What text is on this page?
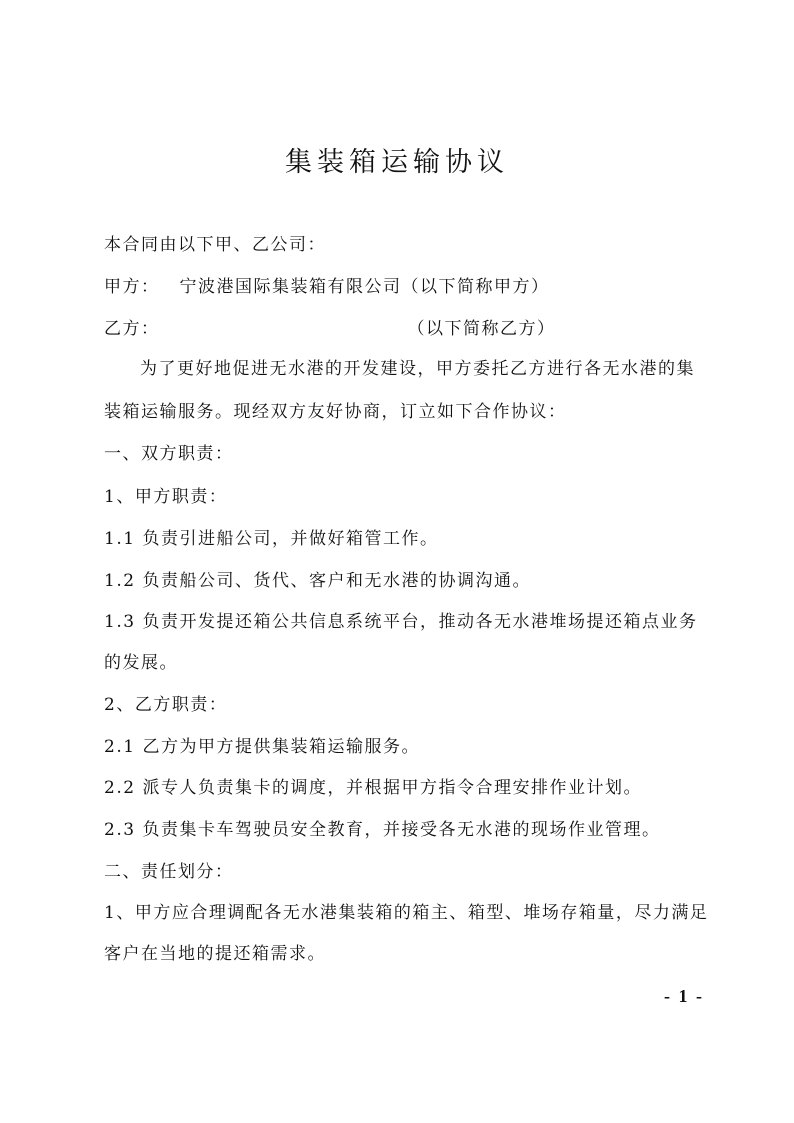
集装箱运输协议

本合同由以下甲、乙公司：

甲方： 宁波港国际集装箱有限公司（以下简称甲方）

乙方：	（以下简称乙方）

为了更好地促进无水港的开发建设，甲方委托乙方进行各无水港的集

装箱运输服务。现经双方友好协商，订立如下合作协议：

一、双方职责：

1、甲方职责：

1.1 负责引进船公司，并做好箱管工作。

1.2 负责船公司、货代、客户和无水港的协调沟通。

1.3 负责开发提还箱公共信息系统平台，推动各无水港堆场提还箱点业务

的发展。

2、乙方职责：

2.1 乙方为甲方提供集装箱运输服务。

2.2 派专人负责集卡的调度，并根据甲方指令合理安排作业计划。

2.3 负责集卡车驾驶员安全教育，并接受各无水港的现场作业管理。

二、责任划分：

1、甲方应合理调配各无水港集装箱的箱主、箱型、堆场存箱量，尽力满足

客户在当地的提还箱需求。

- 1 -
